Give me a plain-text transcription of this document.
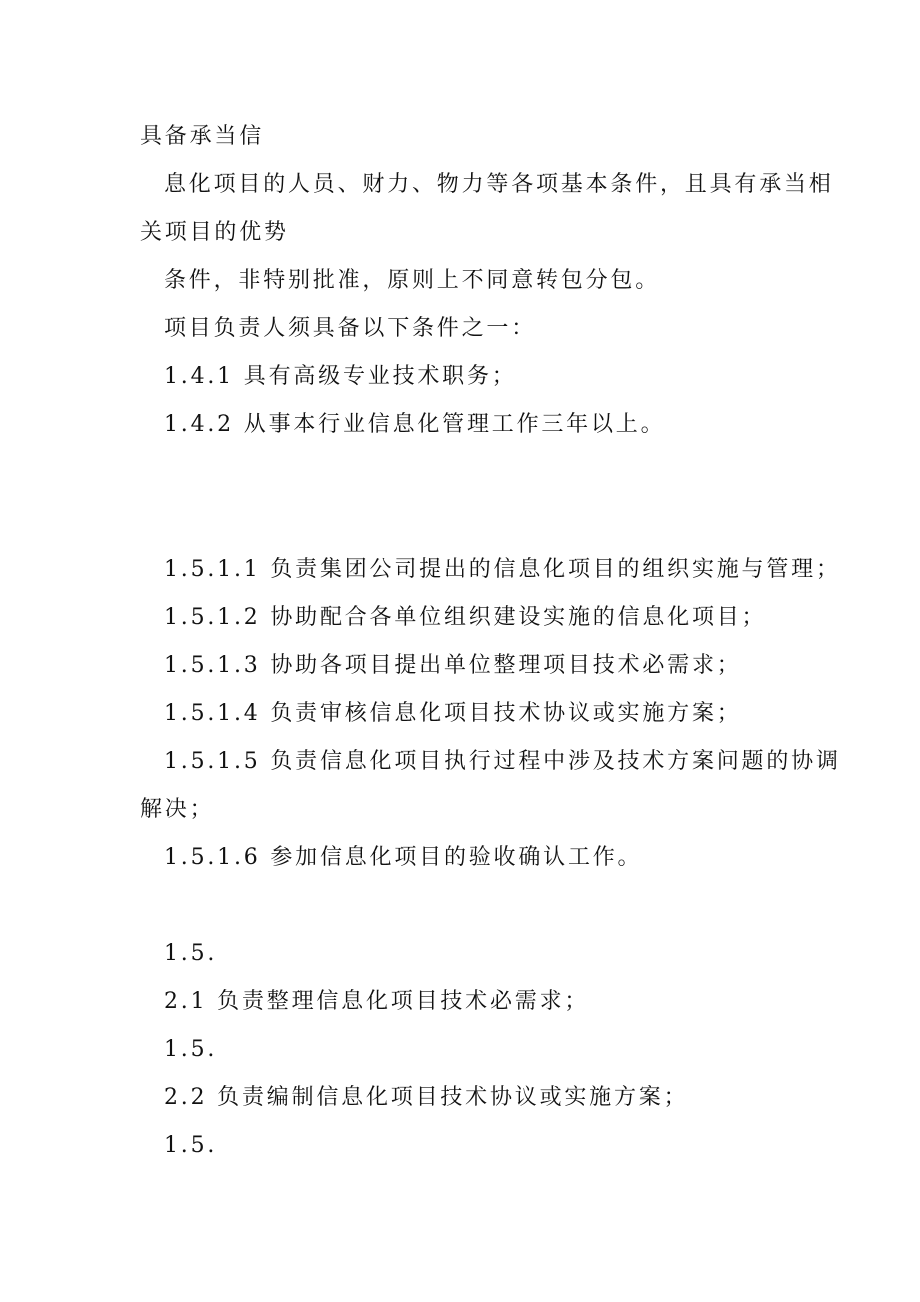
具备承当信
息化项目的人员、财力、物力等各项基本条件，且具有承当相
关项目的优势
条件，非特别批准，原则上不同意转包分包。
项目负责人须具备以下条件之一：
1.4.1 具有高级专业技术职务；
1.4.2 从事本行业信息化管理工作三年以上。
1.5.1.1 负责集团公司提出的信息化项目的组织实施与管理；
1.5.1.2 协助配合各单位组织建设实施的信息化项目；
1.5.1.3 协助各项目提出单位整理项目技术必需求；
1.5.1.4 负责审核信息化项目技术协议或实施方案；
1.5.1.5 负责信息化项目执行过程中涉及技术方案问题的协调
解决；
1.5.1.6 参加信息化项目的验收确认工作。
1.5.
2.1 负责整理信息化项目技术必需求；
1.5.
2.2 负责编制信息化项目技术协议或实施方案；
1.5.
